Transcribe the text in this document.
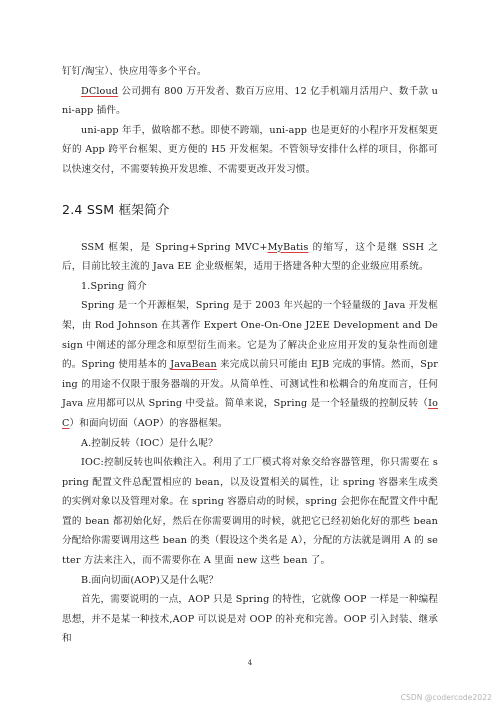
钉钉/淘宝）、快应用等多个平台。

DCloud 公司拥有 800 万开发者、数百万应用、12 亿手机端月活用户、数千款 uni-app 插件。

uni-app 年手，做啥都不愁。即使不跨端，uni-app 也是更好的小程序开发框架更好的 App 跨平台框架、更方便的 H5 开发框架。不管领导安排什么样的项目，你都可以快速交付，不需要转换开发思维、不需要更改开发习惯。

2.4 SSM 框架简介

SSM 框架，是 Spring+Spring MVC+MyBatis 的缩写，这个是继 SSH 之后，目前比较主流的 Java EE 企业级框架，适用于搭建各种大型的企业级应用系统。

1.Spring 简介

Spring 是一个开源框架，Spring 是于 2003 年兴起的一个轻量级的 Java 开发框架，由 Rod Johnson 在其著作 Expert One-On-One J2EE Development and Design 中阐述的部分理念和原型衍生而来。它是为了解决企业应用开发的复杂性而创建的。Spring 使用基本的 JavaBean 来完成以前只可能由 EJB 完成的事情。然而，Spring 的用途不仅限于服务器端的开发。从简单性、可测试性和松耦合的角度而言，任何 Java 应用都可以从 Spring 中受益。简单来说，Spring 是一个轻量级的控制反转（IoC）和面向切面（AOP）的容器框架。

A.控制反转（IOC）是什么呢？

IOC:控制反转也叫依赖注入。利用了工厂模式将对象交给容器管理，你只需要在 spring 配置文件总配置相应的 bean，以及设置相关的属性，让 spring 容器来生成类的实例对象以及管理对象。在 spring 容器启动的时候，spring 会把你在配置文件中配置的 bean 都初始化好，然后在你需要调用的时候，就把它已经初始化好的那些 bean 分配给你需要调用这些 bean 的类（假设这个类名是 A），分配的方法就是调用 A 的 setter 方法来注入，而不需要你在 A 里面 new 这些 bean 了。

B.面向切面(AOP)又是什么呢？

首先，需要说明的一点，AOP 只是 Spring 的特性，它就像 OOP 一样是一种编程思想，并不是某一种技术,AOP 可以说是对 OOP 的补充和完善。OOP 引入封装、继承和

4
CSDN @codercode2022
